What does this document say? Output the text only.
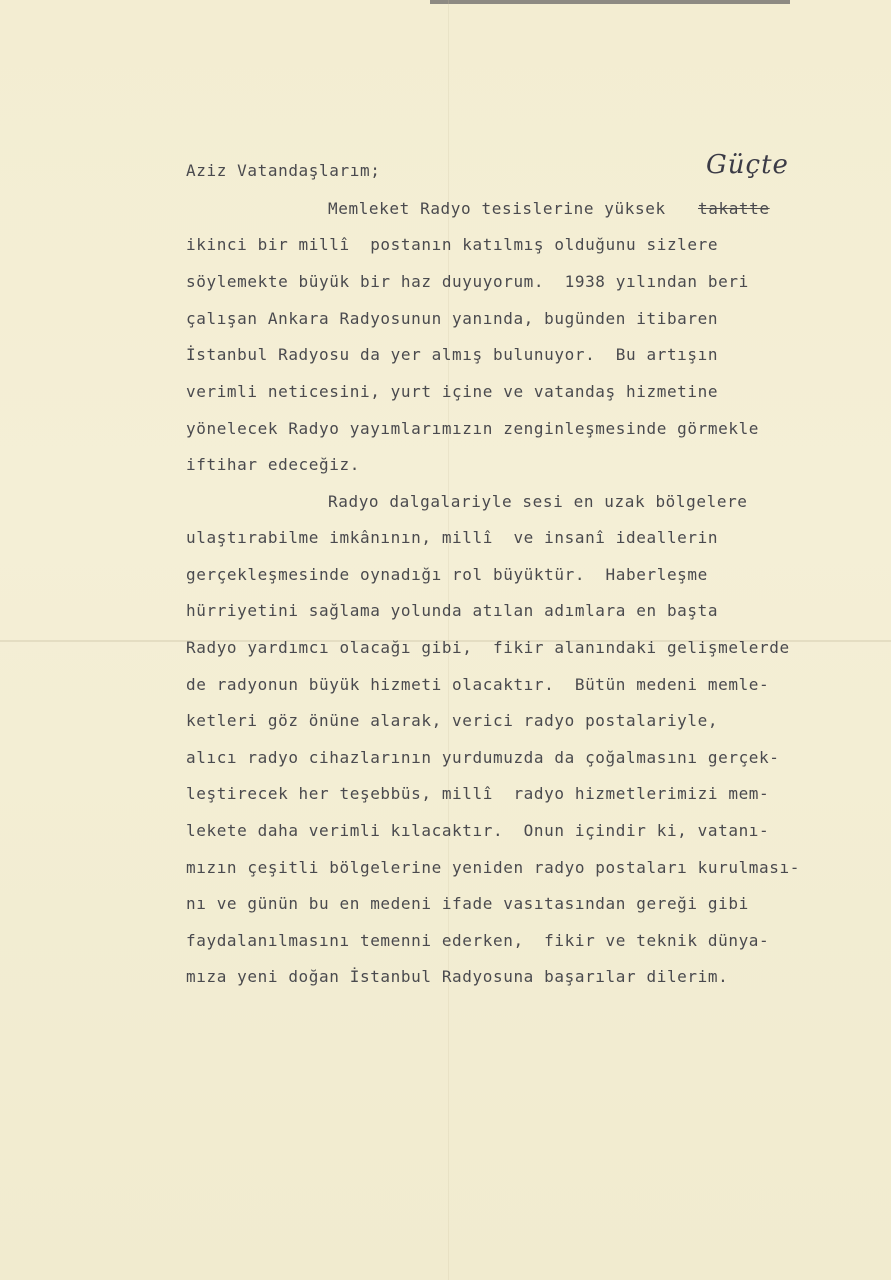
Güçte
Aziz Vatandaşlarım;
Memleket Radyo tesislerine yüksek takatte
ikinci bir millî  postanın katılmış olduğunu sizlere
söylemekte büyük bir haz duyuyorum.  1938 yılından beri
çalışan Ankara Radyosunun yanında, bugünden itibaren
İstanbul Radyosu da yer almış bulunuyor.  Bu artışın
verimli neticesini, yurt içine ve vatandaş hizmetine
yönelecek Radyo yayımlarımızın zenginleşmesinde görmekle
iftihar edeceğiz.
Radyo dalgalariyle sesi en uzak bölgelere
ulaştırabilme imkânının, millî  ve insanî ideallerin
gerçekleşmesinde oynadığı rol büyüktür.  Haberleşme
hürriyetini sağlama yolunda atılan adımlara en başta
Radyo yardımcı olacağı gibi,  fikir alanındaki gelişmelerde
de radyonun büyük hizmeti olacaktır.  Bütün medeni memle-
ketleri göz önüne alarak, verici radyo postalariyle,
alıcı radyo cihazlarının yurdumuzda da çoğalmasını gerçek-
leştirecek her teşebbüs, millî  radyo hizmetlerimizi mem-
lekete daha verimli kılacaktır.  Onun içindir ki, vatanı-
mızın çeşitli bölgelerine yeniden radyo postaları kurulması-
nı ve günün bu en medeni ifade vasıtasından gereği gibi
faydalanılmasını temenni ederken,  fikir ve teknik dünya-
mıza yeni doğan İstanbul Radyosuna başarılar dilerim.
